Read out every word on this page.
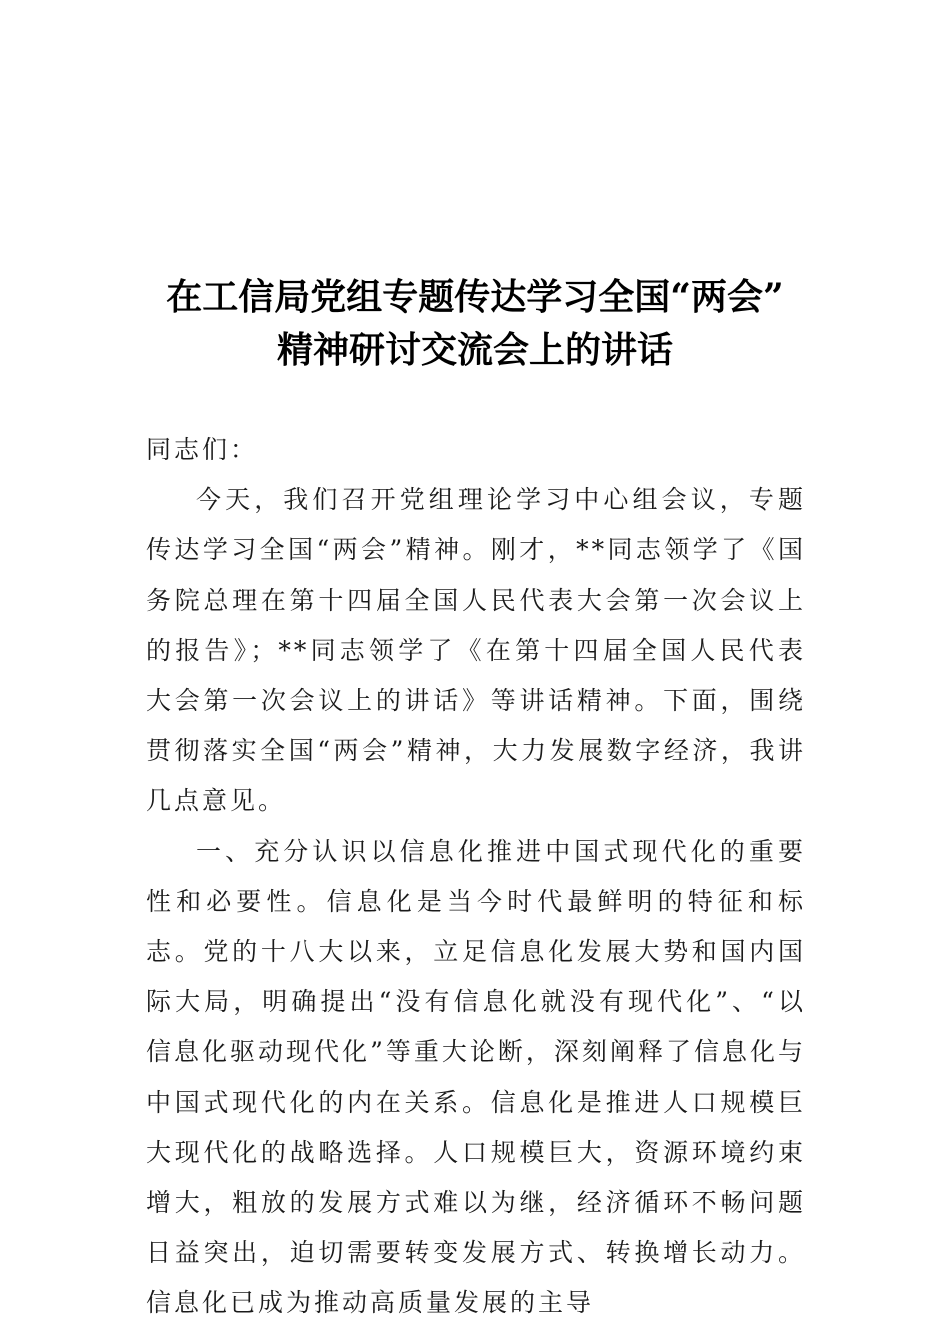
在工信局党组专题传达学习全国“两会”
精神研讨交流会上的讲话

同志们：

今天，我们召开党组理论学习中心组会议，专题传达学习全国“两会”精神。刚才，**同志领学了《国务院总理在第十四届全国人民代表大会第一次会议上的报告》；**同志领学了《在第十四届全国人民代表大会第一次会议上的讲话》等讲话精神。下面，围绕贯彻落实全国“两会”精神，大力发展数字经济，我讲几点意见。

一、充分认识以信息化推进中国式现代化的重要性和必要性。信息化是当今时代最鲜明的特征和标志。党的十八大以来，立足信息化发展大势和国内国际大局，明确提出“没有信息化就没有现代化”、“以信息化驱动现代化”等重大论断，深刻阐释了信息化与中国式现代化的内在关系。信息化是推进人口规模巨大现代化的战略选择。人口规模巨大，资源环境约束增大，粗放的发展方式难以为继，经济循环不畅问题日益突出，迫切需要转变发展方式、转换增长动力。信息化已成为推动高质量发展的主导
